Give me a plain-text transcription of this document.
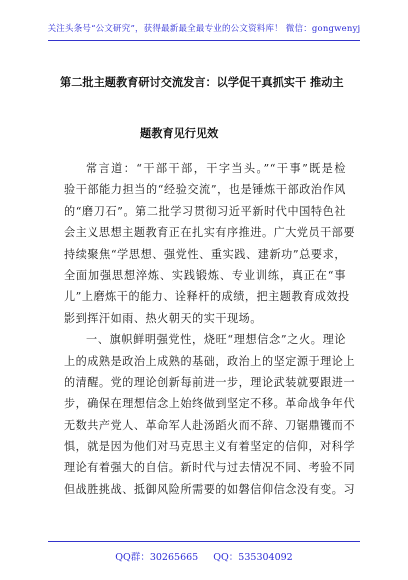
关注头条号“公文研究”，获得最新最全最专业的公文资料库！ 微信：gongwenyj
第二批主题教育研讨交流发言：以学促干真抓实干 推动主
题教育见行见效
常言道：“干部干部，干字当头。”“干事”既是检
验干部能力担当的“经验交流”，也是锤炼干部政治作风
的“磨刀石”。第二批学习贯彻习近平新时代中国特色社
会主义思想主题教育正在扎实有序推进。广大党员干部要
持续聚焦“学思想、强党性、重实践、建新功”总要求，
全面加强思想淬炼、实践锻炼、专业训练，真正在“事
儿”上磨炼干的能力、诠释杆的成绩，把主题教育成效投
影到挥汗如雨、热火朝天的实干现场。
一、旗帜鲜明强党性，烧旺“理想信念”之火。理论
上的成熟是政治上成熟的基础，政治上的坚定源于理论上
的清醒。党的理论创新每前进一步，理论武装就要跟进一
步，确保在理想信念上始终做到坚定不移。革命战争年代
无数共产党人、革命军人赴汤蹈火而不辞、刀锯鼎镬而不
惧，就是因为他们对马克思主义有着坚定的信仰，对科学
理论有着强大的自信。新时代与过去情况不同、考验不同
但战胜挑战、抵御风险所需要的如磐信仰信念没有变。习
QQ群：30265665 QQ：535304092
